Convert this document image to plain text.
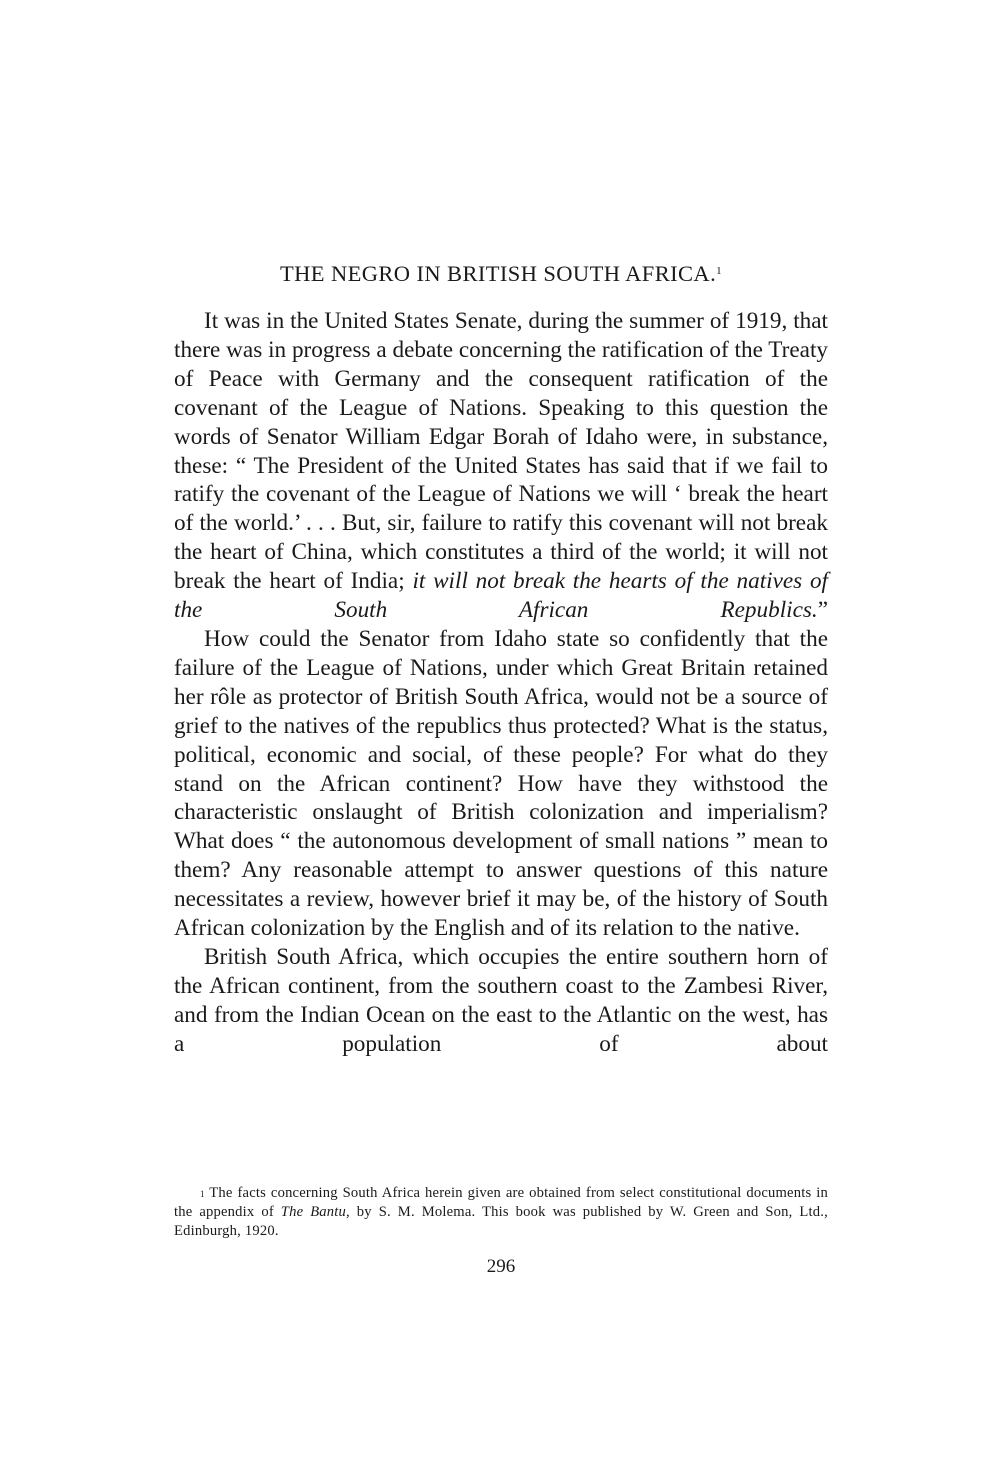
THE NEGRO IN BRITISH SOUTH AFRICA.$^1$

It was in the United States Senate, during the summer of 1919, that there was in progress a debate concerning the ratification of the Treaty of Peace with Germany and the consequent ratification of the covenant of the League of Nations. Speaking to this question the words of Senator William Edgar Borah of Idaho were, in substance, these: “ The President of the United States has said that if we fail to ratify the covenant of the League of Nations we will ‘ break the heart of the world.’ . . . But, sir, failure to ratify this covenant will not break the heart of China, which constitutes a third of the world; it will not break the heart of India; it will not break the hearts of the natives of the South African Republics.”

How could the Senator from Idaho state so confidently that the failure of the League of Nations, under which Great Britain retained her rôle as protector of British South Africa, would not be a source of grief to the natives of the republics thus protected? What is the status, political, economic and social, of these people? For what do they stand on the African continent? How have they withstood the characteristic onslaught of British colonization and imperialism? What does “ the autonomous development of small nations ” mean to them? Any reasonable attempt to answer questions of this nature necessitates a review, however brief it may be, of the history of South African colonization by the English and of its relation to the native.

British South Africa, which occupies the entire southern horn of the African continent, from the southern coast to the Zambesi River, and from the Indian Ocean on the east to the Atlantic on the west, has a population of about

$^1$ The facts concerning South Africa herein given are obtained from select constitutional documents in the appendix of The Bantu, by S. M. Molema. This book was published by W. Green and Son, Ltd., Edinburgh, 1920.

296
